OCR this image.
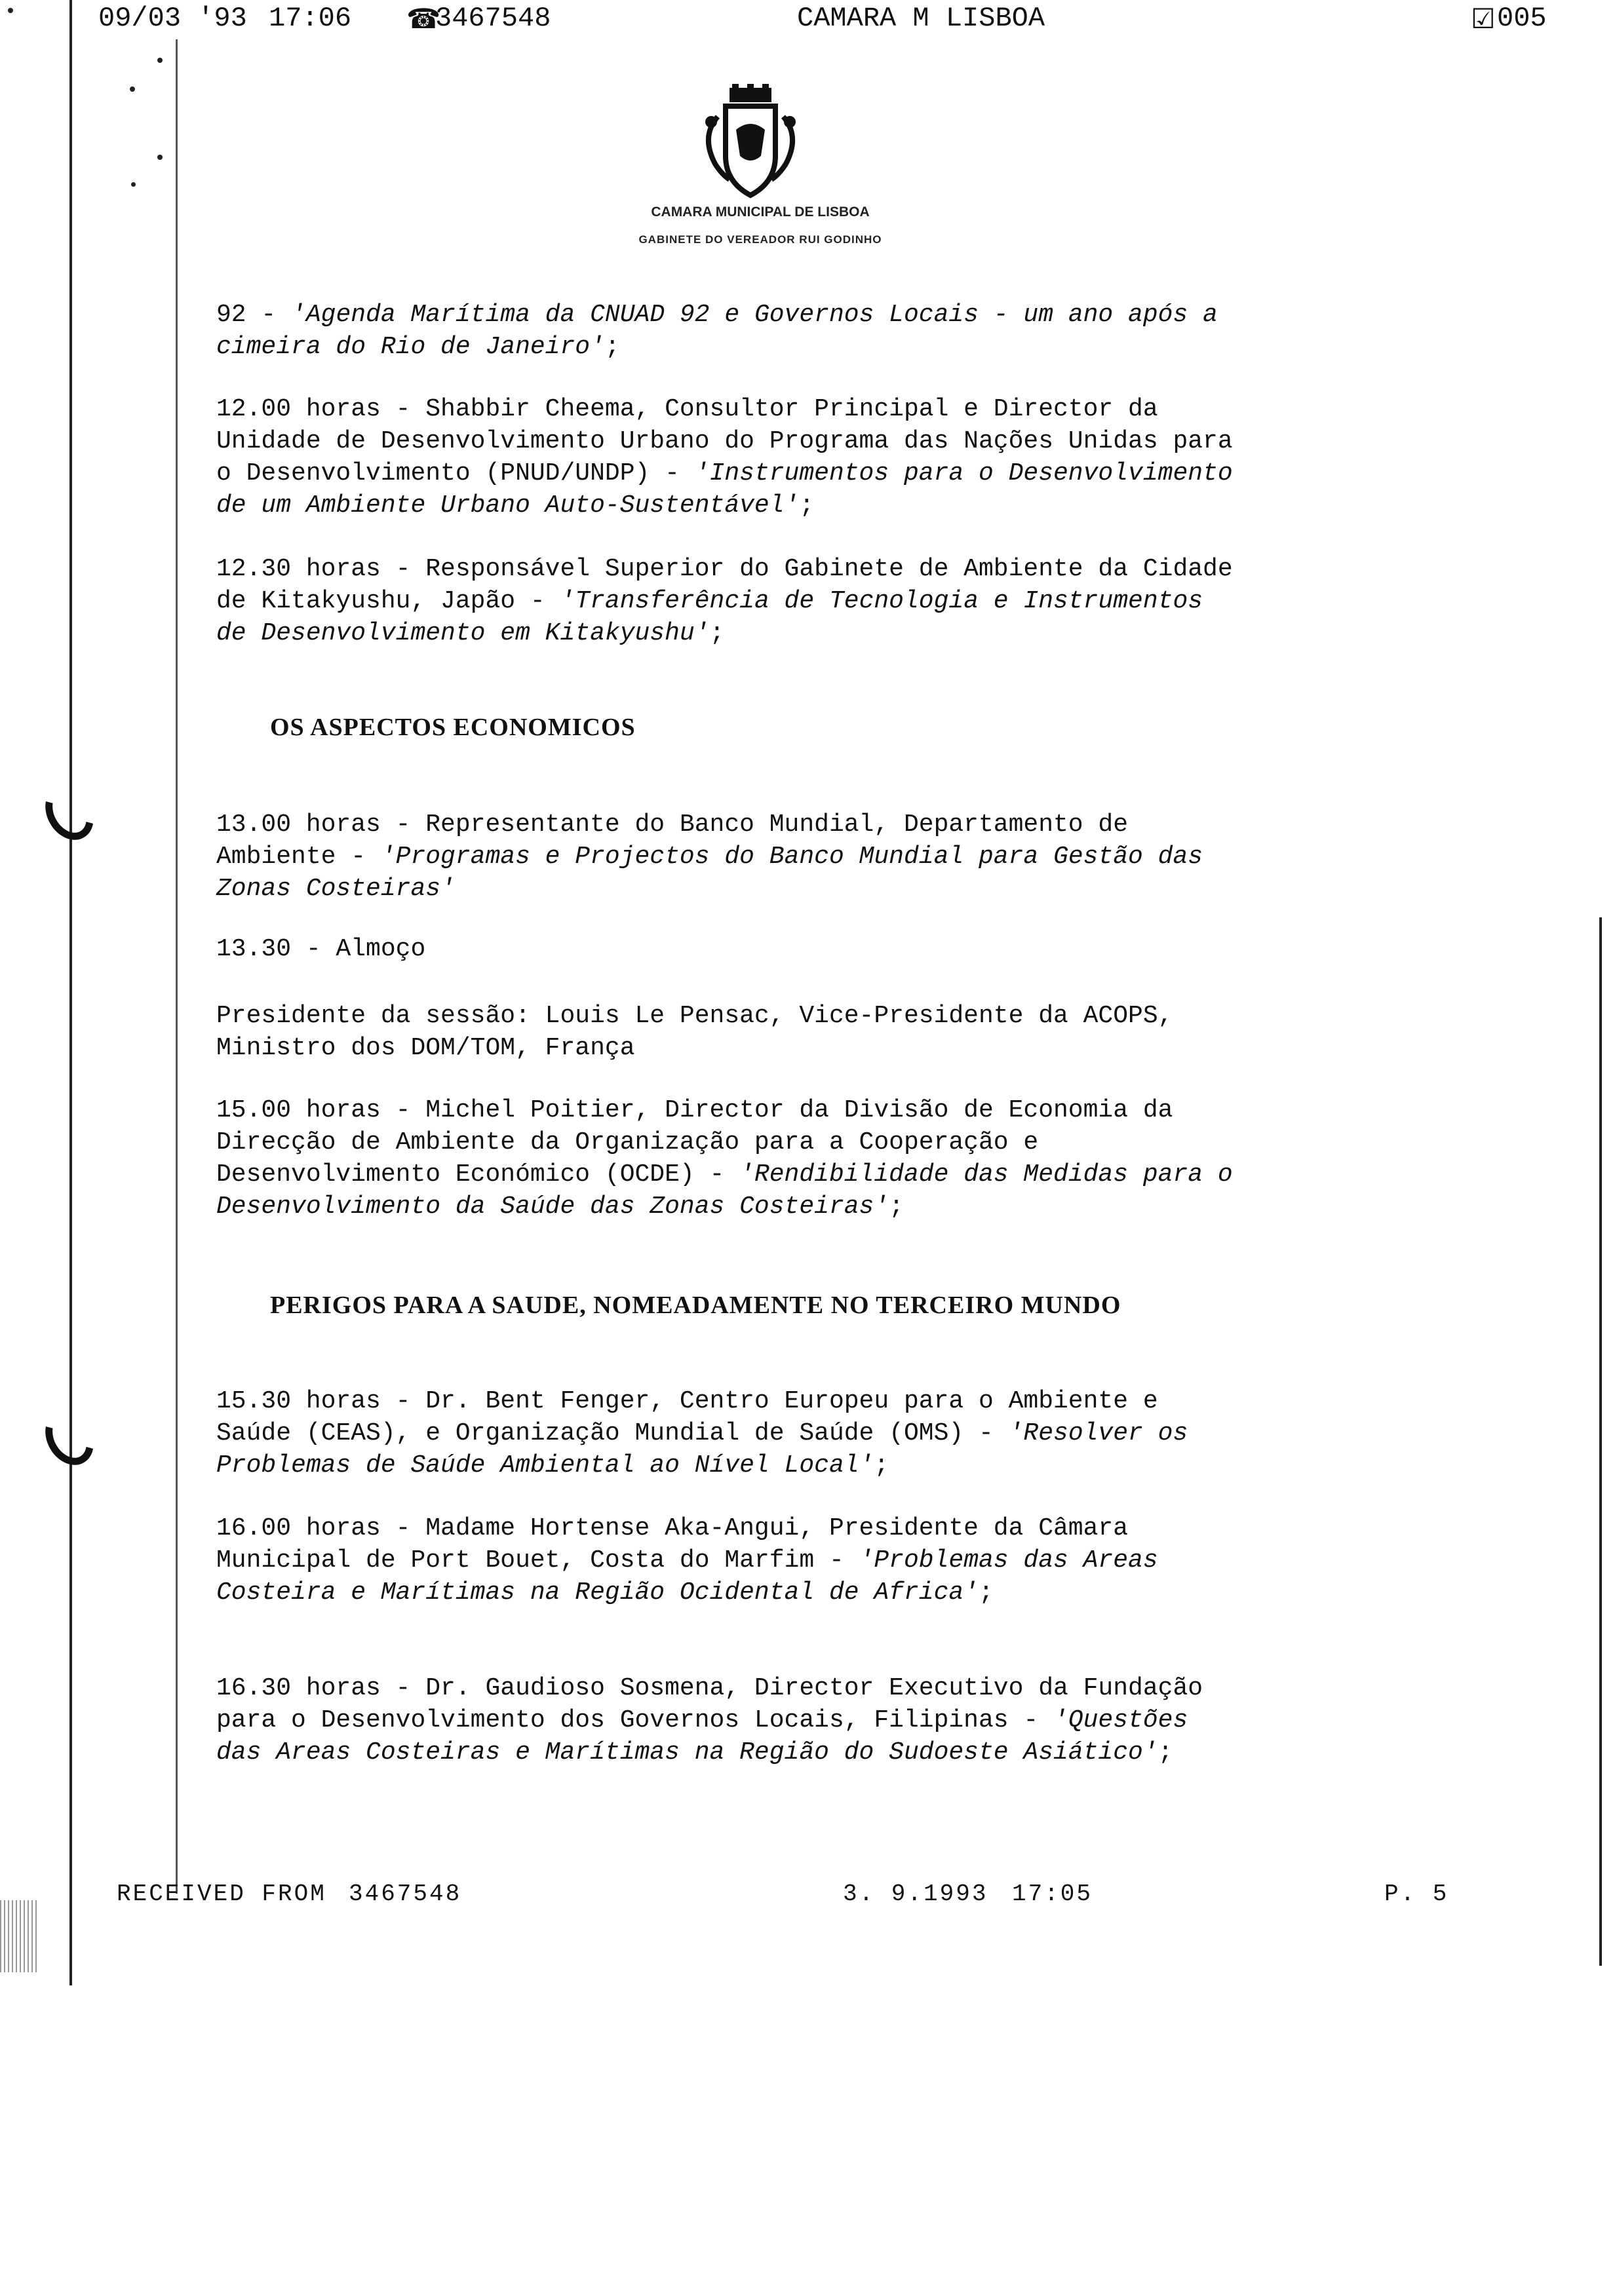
09/03 '93 17:06 ☎
3467548	CAMARA M LISBOA	☑ 005
CAMARA MUNICIPAL DE LISBOA
GABINETE DO VEREADOR RUI GODINHO

92 - 'Agenda Marítima da CNUAD 92 e Governos Locais - um ano após a cimeira do Rio de Janeiro';

12.00 horas - Shabbir Cheema, Consultor Principal e Director da Unidade de Desenvolvimento Urbano do Programa das Nações Unidas para o Desenvolvimento (PNUD/UNDP) - 'Instrumentos para o Desenvolvimento de um Ambiente Urbano Auto-Sustentável';

12.30 horas - Responsável Superior do Gabinete de Ambiente da Cidade de Kitakyushu, Japão - 'Transferência de Tecnologia e Instrumentos de Desenvolvimento em Kitakyushu';

OS ASPECTOS ECONOMICOS

13.00 horas - Representante do Banco Mundial, Departamento de Ambiente - 'Programas e Projectos do Banco Mundial para Gestão das Zonas Costeiras'

13.30 - Almoço

Presidente da sessão: Louis Le Pensac, Vice-Presidente da ACOPS, Ministro dos DOM/TOM, França

15.00 horas - Michel Poitier, Director da Divisão de Economia da Direcção de Ambiente da Organização para a Cooperação e Desenvolvimento Económico (OCDE) - 'Rendibilidade das Medidas para o Desenvolvimento da Saúde das Zonas Costeiras';

PERIGOS PARA A SAUDE, NOMEADAMENTE NO TERCEIRO MUNDO

15.30 horas - Dr. Bent Fenger, Centro Europeu para o Ambiente e Saúde (CEAS), e Organização Mundial de Saúde (OMS) - 'Resolver os Problemas de Saúde Ambiental ao Nível Local';

16.00 horas - Madame Hortense Aka-Angui, Presidente da Câmara Municipal de Port Bouet, Costa do Marfim - 'Problemas das Areas Costeira e Marítimas na Região Ocidental de Africa';

16.30 horas - Dr. Gaudioso Sosmena, Director Executivo da Fundação para o Desenvolvimento dos Governos Locais, Filipinas - 'Questões das Areas Costeiras e Marítimas na Região do Sudoeste Asiático';

RECEIVED FROM 3467548	3. 9.1993 17:05	P. 5
